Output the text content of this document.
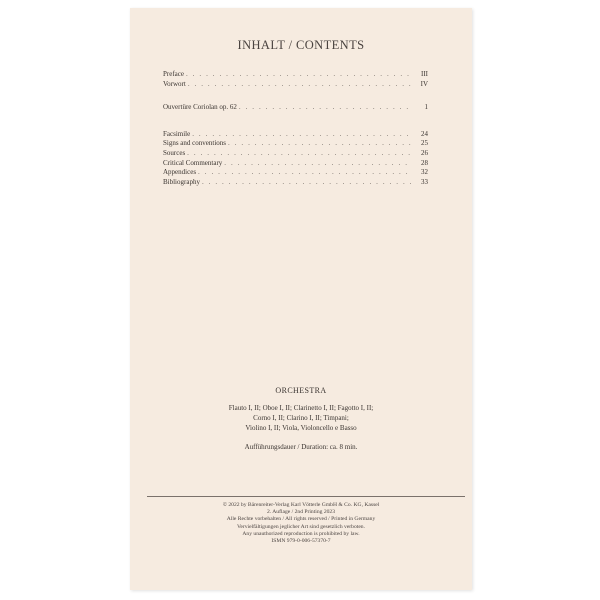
INHALT / CONTENTS
Preface . . .	III
Vorwort . . .	IV
Ouvertüre Coriolan op. 62 . . .	1
Facsimile . . .	24
Signs and conventions . . .	25
Sources . . .	26
Critical Commentary . . .	28
Appendices . . .	32
Bibliography . . .	33
ORCHESTRA
Flauto I, II; Oboe I, II; Clarinetto I, II; Fagotto I, II;
Corno I, II; Clarino I, II; Timpani;
Violino I, II; Viola, Violoncello e Basso
Aufführungsdauer / Duration: ca. 8 min.
© 2022 by Bärenreiter-Verlag Karl Vötterle GmbH & Co. KG, Kassel
2. Auflage / 2nd Printing 2023
Alle Rechte vorbehalten / All rights reserved / Printed in Germany
Vervielfältigungen jeglicher Art sind gesetzlich verboten.
Any unauthorized reproduction is prohibited by law.
ISMN 979-0-006-57370-7
